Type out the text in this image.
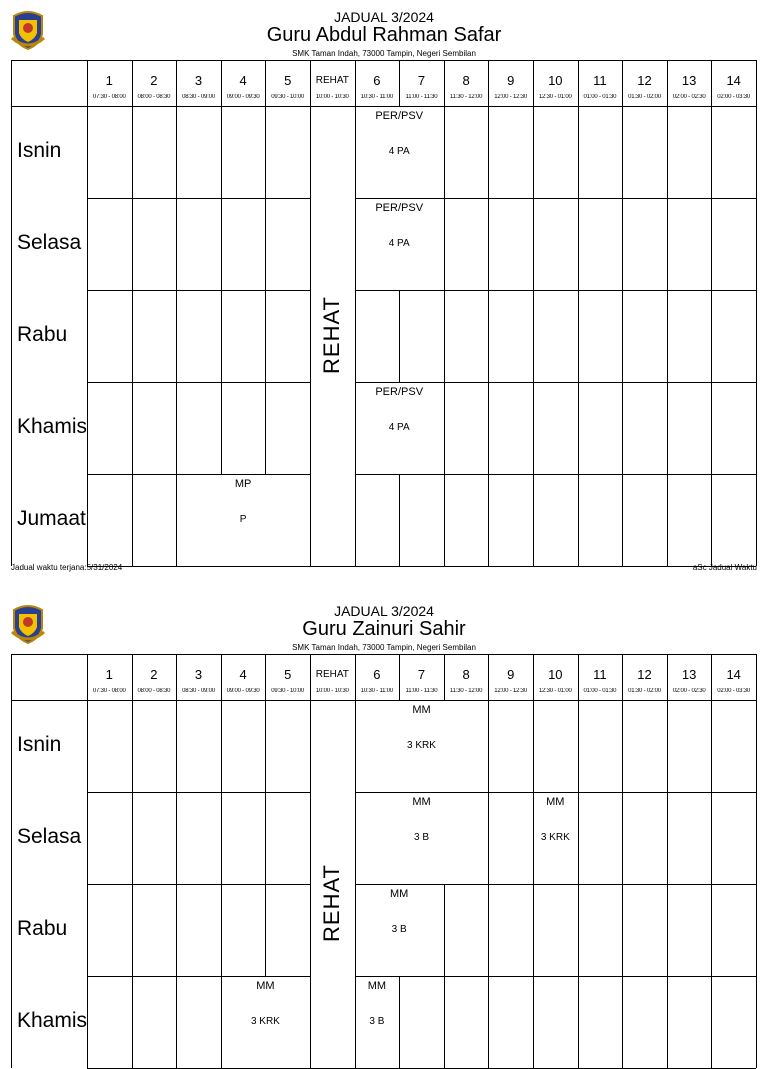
JADUAL 3/2024
Guru Abdul Rahman Safar
SMK Taman Indah, 73000 Tampin, Negeri Sembilan
1
07:30 - 08:00
2
08:00 - 08:30
3
08:30 - 09:00
4
09:00 - 09:30
5
09:30 - 10:00
REHAT
10:00 - 10:30
6
10:30 - 11:00
7
11:00 - 11:30
8
11:30 - 12:00
9
12:00 - 12:30
10
12:30 - 01:00
11
01:00 - 01:30
12
01:30 - 02:00
13
02:00 - 02:30
14
02:00 - 03:30
Isnin
Selasa
Rabu
Khamis
Jumaat
PER/PSV
4 PA
PER/PSV
4 PA
PER/PSV
4 PA
MP
P
REHAT
Jadual waktu terjana:5/31/2024	aSc Jadual Waktu
JADUAL 3/2024
Guru Zainuri Sahir
SMK Taman Indah, 73000 Tampin, Negeri Sembilan
1
07:30 - 08:00
2
08:00 - 08:30
3
08:30 - 09:00
4
09:00 - 09:30
5
09:30 - 10:00
REHAT
10:00 - 10:30
6
10:30 - 11:00
7
11:00 - 11:30
8
11:30 - 12:00
9
12:00 - 12:30
10
12:30 - 01:00
11
01:00 - 01:30
12
01:30 - 02:00
13
02:00 - 02:30
14
02:00 - 03:30
Isnin
Selasa
Rabu
Khamis
MM
3 KRK
MM
3 B
MM
3 KRK
MM
3 B
MM
3 KRK
MM
3 B
REHAT
